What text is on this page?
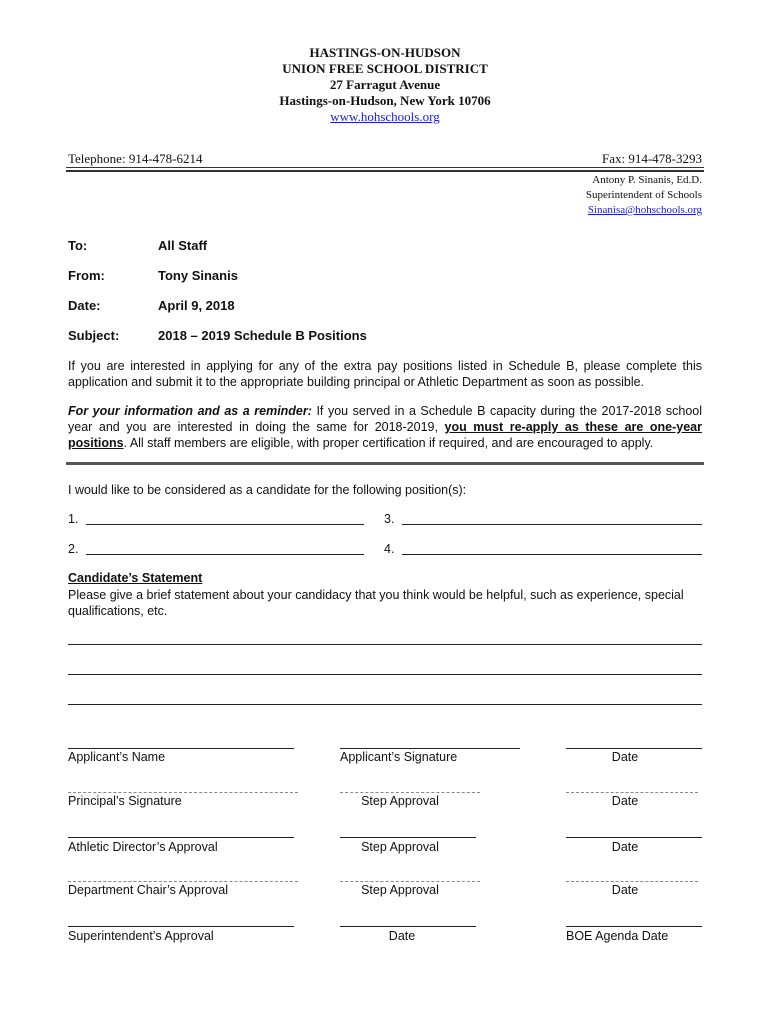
HASTINGS-ON-HUDSON
UNION FREE SCHOOL DISTRICT
27 Farragut Avenue
Hastings-on-Hudson, New York 10706
www.hohschools.org
Telephone: 914-478-6214	Fax: 914-478-3293
Antony P. Sinanis, Ed.D.
Superintendent of Schools
Sinanisa@hohschools.org
To:	All Staff
From:	Tony Sinanis
Date:	April 9, 2018
Subject:	2018 – 2019 Schedule B Positions
If you are interested in applying for any of the extra pay positions listed in Schedule B, please complete this application and submit it to the appropriate building principal or Athletic Department as soon as possible.
For your information and as a reminder: If you served in a Schedule B capacity during the 2017-2018 school year and you are interested in doing the same for 2018-2019, you must re-apply as these are one-year positions. All staff members are eligible, with proper certification if required, and are encouraged to apply.
I would like to be considered as a candidate for the following position(s):
1.	3.
2.	4.
Candidate’s Statement
Please give a brief statement about your candidacy that you think would be helpful, such as experience, special qualifications, etc.
Applicant’s Name	Applicant’s Signature	Date
Principal’s Signature	Step Approval	Date
Athletic Director’s Approval	Step Approval	Date
Department Chair’s Approval	Step Approval	Date
Superintendent’s Approval	Date	BOE Agenda Date
